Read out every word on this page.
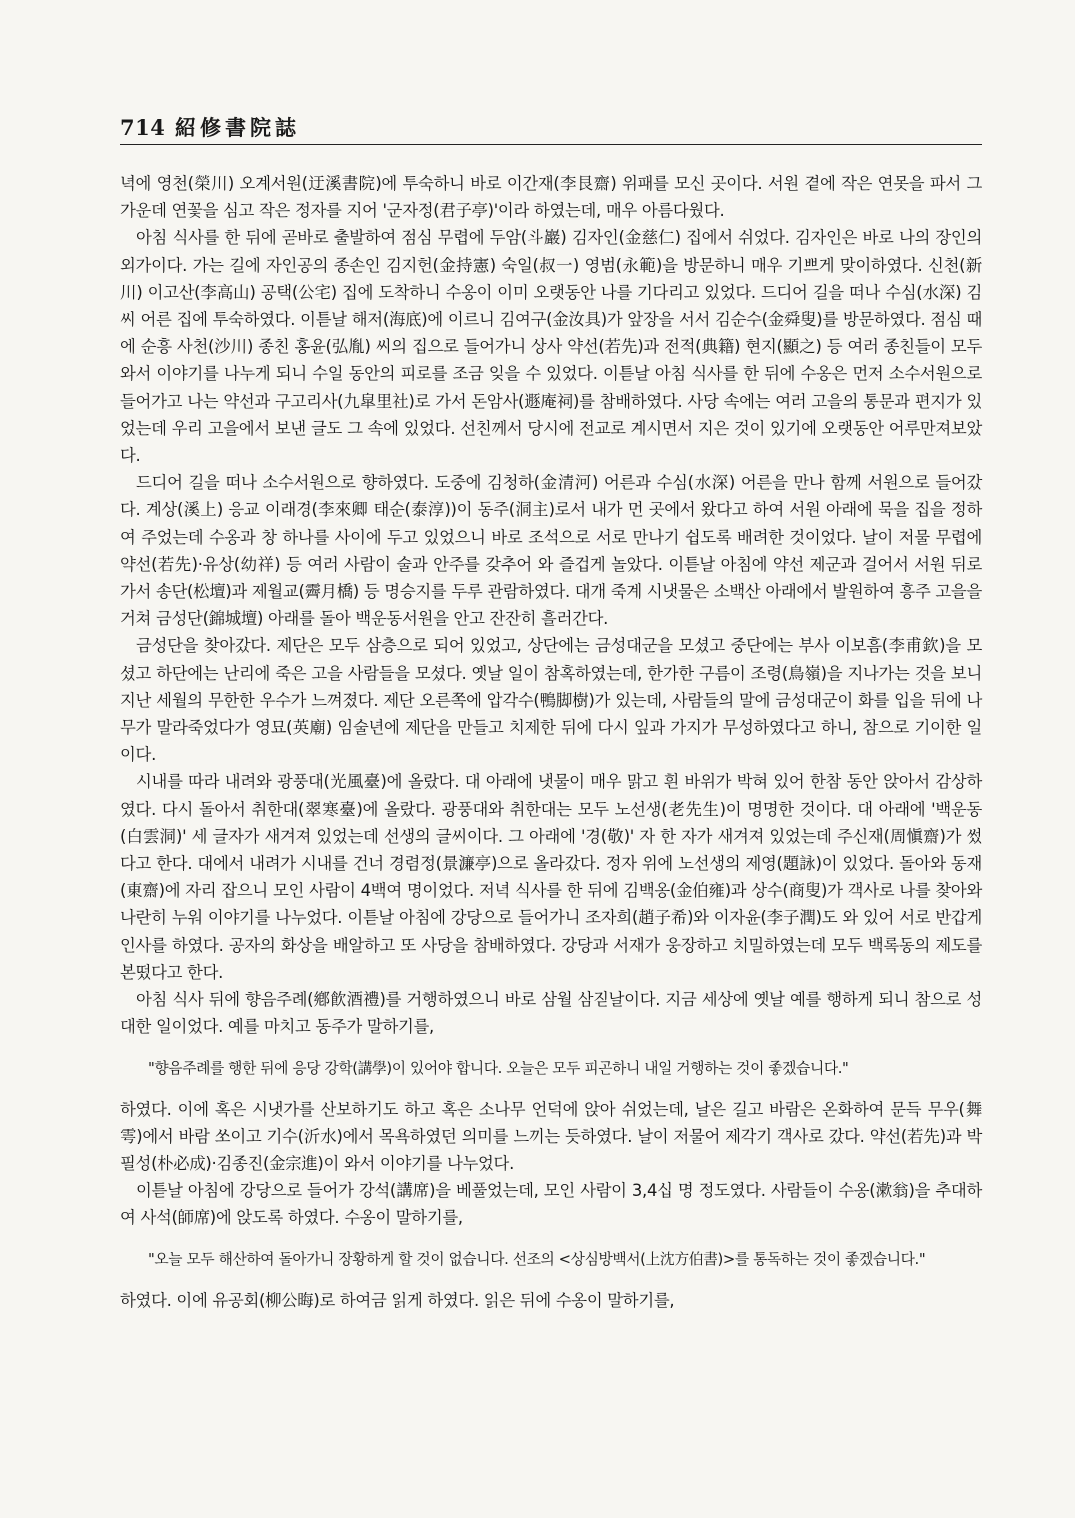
714 紹修書院誌

녁에 영천(榮川) 오계서원(迂溪書院)에 투숙하니 바로 이간재(李艮齋) 위패를 모신 곳이다. 서원 곁에 작은 연못을 파서 그 가운데 연꽃을 심고 작은 정자를 지어 '군자정(君子亭)'이라 하였는데, 매우 아름다웠다.

아침 식사를 한 뒤에 곧바로 출발하여 점심 무렵에 두암(斗巖) 김자인(金慈仁) 집에서 쉬었다. 김자인은 바로 나의 장인의 외가이다. 가는 길에 자인공의 종손인 김지헌(金持憲) 숙일(叔一) 영범(永範)을 방문하니 매우 기쁘게 맞이하였다. 신천(新川) 이고산(李高山) 공택(公宅) 집에 도착하니 수옹이 이미 오랫동안 나를 기다리고 있었다. 드디어 길을 떠나 수심(水深) 김씨 어른 집에 투숙하였다. 이튿날 해저(海底)에 이르니 김여구(金汝具)가 앞장을 서서 김순수(金舜叟)를 방문하였다. 점심 때에 순흥 사천(沙川) 종친 홍윤(弘胤) 씨의 집으로 들어가니 상사 약선(若先)과 전적(典籍) 현지(顯之) 등 여러 종친들이 모두 와서 이야기를 나누게 되니 수일 동안의 피로를 조금 잊을 수 있었다. 이튿날 아침 식사를 한 뒤에 수옹은 먼저 소수서원으로 들어가고 나는 약선과 구고리사(九皐里社)로 가서 돈암사(遯庵祠)를 참배하였다. 사당 속에는 여러 고을의 통문과 편지가 있었는데 우리 고을에서 보낸 글도 그 속에 있었다. 선친께서 당시에 전교로 계시면서 지은 것이 있기에 오랫동안 어루만져보았다.

드디어 길을 떠나 소수서원으로 향하였다. 도중에 김청하(金清河) 어른과 수심(水深) 어른을 만나 함께 서원으로 들어갔다. 계상(溪上) 응교 이래경(李來卿 태순(泰淳))이 동주(洞主)로서 내가 먼 곳에서 왔다고 하여 서원 아래에 묵을 집을 정하여 주었는데 수옹과 창 하나를 사이에 두고 있었으니 바로 조석으로 서로 만나기 쉽도록 배려한 것이었다. 날이 저물 무렵에 약선(若先)·유상(幼祥) 등 여러 사람이 술과 안주를 갖추어 와 즐겁게 놀았다. 이튿날 아침에 약선 제군과 걸어서 서원 뒤로 가서 송단(松壇)과 제월교(霽月橋) 등 명승지를 두루 관람하였다. 대개 죽계 시냇물은 소백산 아래에서 발원하여 흥주 고을을 거쳐 금성단(錦城壇) 아래를 돌아 백운동서원을 안고 잔잔히 흘러간다.

금성단을 찾아갔다. 제단은 모두 삼층으로 되어 있었고, 상단에는 금성대군을 모셨고 중단에는 부사 이보흠(李甫欽)을 모셨고 하단에는 난리에 죽은 고을 사람들을 모셨다. 옛날 일이 참혹하였는데, 한가한 구름이 조령(鳥嶺)을 지나가는 것을 보니 지난 세월의 무한한 우수가 느껴졌다. 제단 오른쪽에 압각수(鴨脚樹)가 있는데, 사람들의 말에 금성대군이 화를 입을 뒤에 나무가 말라죽었다가 영묘(英廟) 임술년에 제단을 만들고 치제한 뒤에 다시 잎과 가지가 무성하였다고 하니, 참으로 기이한 일이다.

시내를 따라 내려와 광풍대(光風臺)에 올랐다. 대 아래에 냇물이 매우 맑고 흰 바위가 박혀 있어 한참 동안 앉아서 감상하였다. 다시 돌아서 취한대(翠寒臺)에 올랐다. 광풍대와 취한대는 모두 노선생(老先生)이 명명한 것이다. 대 아래에 '백운동(白雲洞)' 세 글자가 새겨져 있었는데 선생의 글씨이다. 그 아래에 '경(敬)' 자 한 자가 새겨져 있었는데 주신재(周愼齋)가 썼다고 한다. 대에서 내려가 시내를 건너 경렴정(景濂亭)으로 올라갔다. 정자 위에 노선생의 제영(題詠)이 있었다. 돌아와 동재(東齋)에 자리 잡으니 모인 사람이 4백여 명이었다. 저녁 식사를 한 뒤에 김백옹(金伯雍)과 상수(商叟)가 객사로 나를 찾아와 나란히 누워 이야기를 나누었다. 이튿날 아침에 강당으로 들어가니 조자희(趙子希)와 이자윤(李子潤)도 와 있어 서로 반갑게 인사를 하였다. 공자의 화상을 배알하고 또 사당을 참배하였다. 강당과 서재가 웅장하고 치밀하였는데 모두 백록동의 제도를 본떴다고 한다.

아침 식사 뒤에 향음주례(鄕飮酒禮)를 거행하였으니 바로 삼월 삼짇날이다. 지금 세상에 옛날 예를 행하게 되니 참으로 성대한 일이었다. 예를 마치고 동주가 말하기를,

"향음주례를 행한 뒤에 응당 강학(講學)이 있어야 합니다. 오늘은 모두 피곤하니 내일 거행하는 것이 좋겠습니다."

하였다. 이에 혹은 시냇가를 산보하기도 하고 혹은 소나무 언덕에 앉아 쉬었는데, 날은 길고 바람은 온화하여 문득 무우(舞雩)에서 바람 쏘이고 기수(沂水)에서 목욕하였던 의미를 느끼는 듯하였다. 날이 저물어 제각기 객사로 갔다. 약선(若先)과 박필성(朴必成)·김종진(金宗進)이 와서 이야기를 나누었다.

이튿날 아침에 강당으로 들어가 강석(講席)을 베풀었는데, 모인 사람이 3,4십 명 정도였다. 사람들이 수옹(漱翁)을 추대하여 사석(師席)에 앉도록 하였다. 수옹이 말하기를,

"오늘 모두 해산하여 돌아가니 장황하게 할 것이 없습니다. 선조의 <상심방백서(上沈方伯書)>를 통독하는 것이 좋겠습니다."

하였다. 이에 유공회(柳公晦)로 하여금 읽게 하였다. 읽은 뒤에 수옹이 말하기를,
